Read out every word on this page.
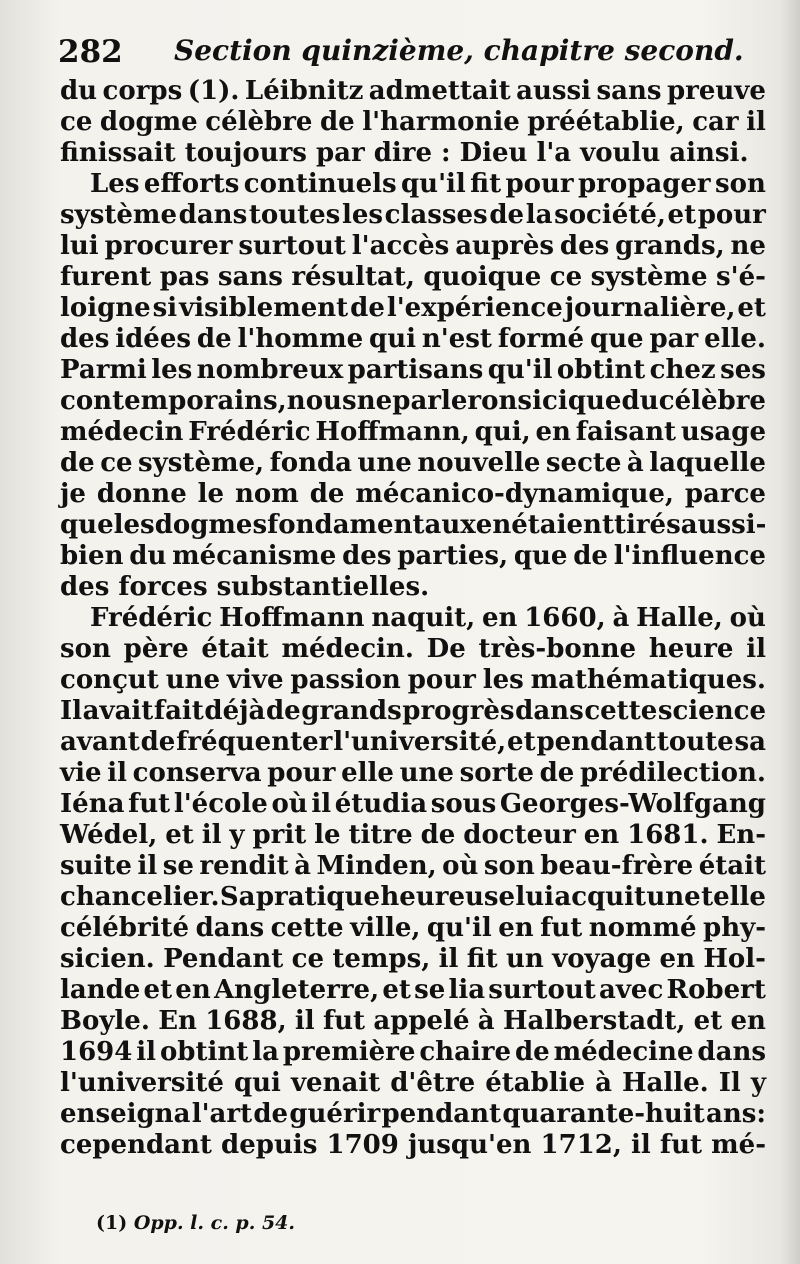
282 Section quinzième, chapitre second.
du corps (1). Léibnitz admettait aussi sans preuve
ce dogme célèbre de l'harmonie préétablie, car il
finissait toujours par dire : Dieu l'a voulu ainsi.
Les efforts continuels qu'il fit pour propager son
système dans toutes les classes de la société, et pour
lui procurer surtout l'accès auprès des grands, ne
furent pas sans résultat, quoique ce système s'é-
loigne si visiblement de l'expérience journalière, et
des idées de l'homme qui n'est formé que par elle.
Parmi les nombreux partisans qu'il obtint chez ses
contemporains, nous ne parlerons ici que du célèbre
médecin Frédéric Hoffmann, qui, en faisant usage
de ce système, fonda une nouvelle secte à laquelle
je donne le nom de mécanico-dynamique, parce
que les dogmes fondamentaux en étaient tirés aussi-
bien du mécanisme des parties, que de l'influence
des forces substantielles.
Frédéric Hoffmann naquit, en 1660, à Halle, où
son père était médecin. De très-bonne heure il
conçut une vive passion pour les mathématiques.
Il avait fait déjà de grands progrès dans cette science
avant de fréquenter l'université, et pendant toute sa
vie il conserva pour elle une sorte de prédilection.
Iéna fut l'école où il étudia sous Georges-Wolfgang
Wédel, et il y prit le titre de docteur en 1681. En-
suite il se rendit à Minden, où son beau-frère était
chancelier. Sa pratique heureuse lui acquit une telle
célébrité dans cette ville, qu'il en fut nommé phy-
sicien. Pendant ce temps, il fit un voyage en Hol-
lande et en Angleterre, et se lia surtout avec Robert
Boyle. En 1688, il fut appelé à Halberstadt, et en
1694 il obtint la première chaire de médecine dans
l'université qui venait d'être établie à Halle. Il y
enseigna l'art de guérir pendant quarante-huit ans:
cependant depuis 1709 jusqu'en 1712, il fut mé-
(1) Opp. l. c. p. 54.
